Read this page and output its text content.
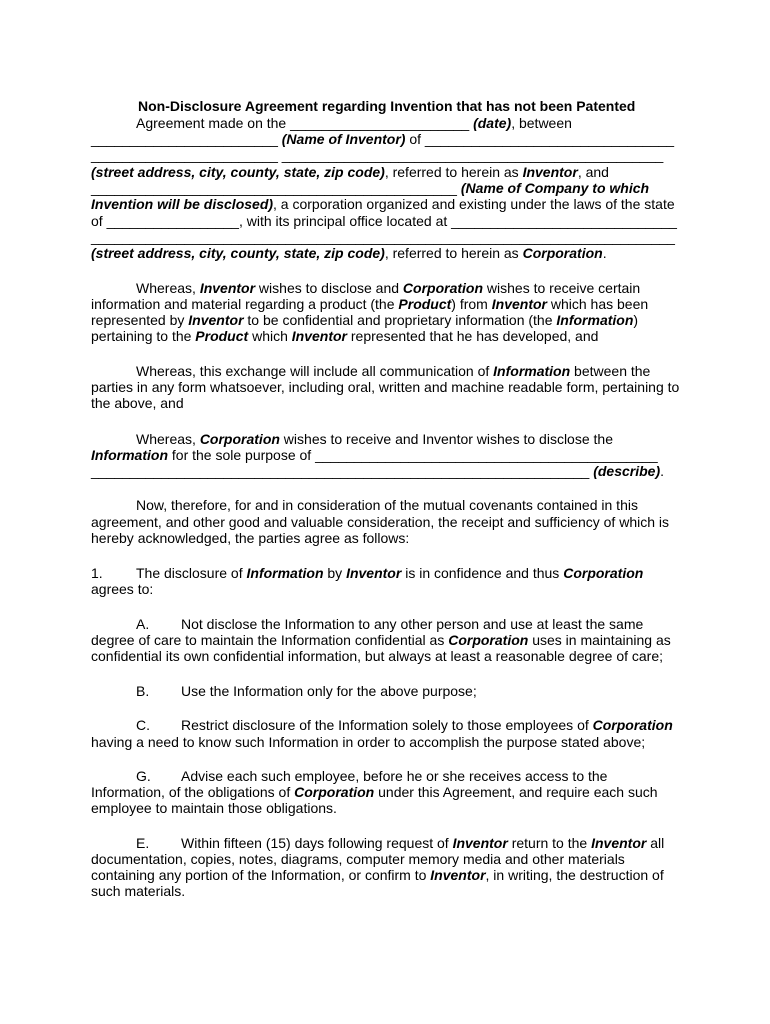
Non-Disclosure Agreement regarding Invention that has not been Patented
Agreement made on the _______________________ (date), between
________________________ (Name of Inventor) of ________________________________
________________________ _________________________________________________
(street address, city, county, state, zip code), referred to herein as Inventor, and
_______________________________________________ (Name of Company to which
Invention will be disclosed), a corporation organized and existing under the laws of the state
of _________________, with its principal office located at _____________________________
___________________________________________________________________________
(street address, city, county, state, zip code), referred to herein as Corporation.
Whereas, Inventor wishes to disclose and Corporation wishes to receive certain
information and material regarding a product (the Product) from Inventor which has been
represented by Inventor to be confidential and proprietary information (the Information)
pertaining to the Product which Inventor represented that he has developed, and
Whereas, this exchange will include all communication of Information between the
parties in any form whatsoever, including oral, written and machine readable form, pertaining to
the above, and
Whereas, Corporation wishes to receive and Inventor wishes to disclose the
Information for the sole purpose of ____________________________________________
________________________________________________________________ (describe).
Now, therefore, for and in consideration of the mutual covenants contained in this
agreement, and other good and valuable consideration, the receipt and sufficiency of which is
hereby acknowledged, the parties agree as follows:
1. The disclosure of Information by Inventor is in confidence and thus Corporation
agrees to:
A. Not disclose the Information to any other person and use at least the same
degree of care to maintain the Information confidential as Corporation uses in maintaining as
confidential its own confidential information, but always at least a reasonable degree of care;
B. Use the Information only for the above purpose;
C. Restrict disclosure of the Information solely to those employees of Corporation
having a need to know such Information in order to accomplish the purpose stated above;
G. Advise each such employee, before he or she receives access to the
Information, of the obligations of Corporation under this Agreement, and require each such
employee to maintain those obligations.
E. Within fifteen (15) days following request of Inventor return to the Inventor all
documentation, copies, notes, diagrams, computer memory media and other materials
containing any portion of the Information, or confirm to Inventor, in writing, the destruction of
such materials.
